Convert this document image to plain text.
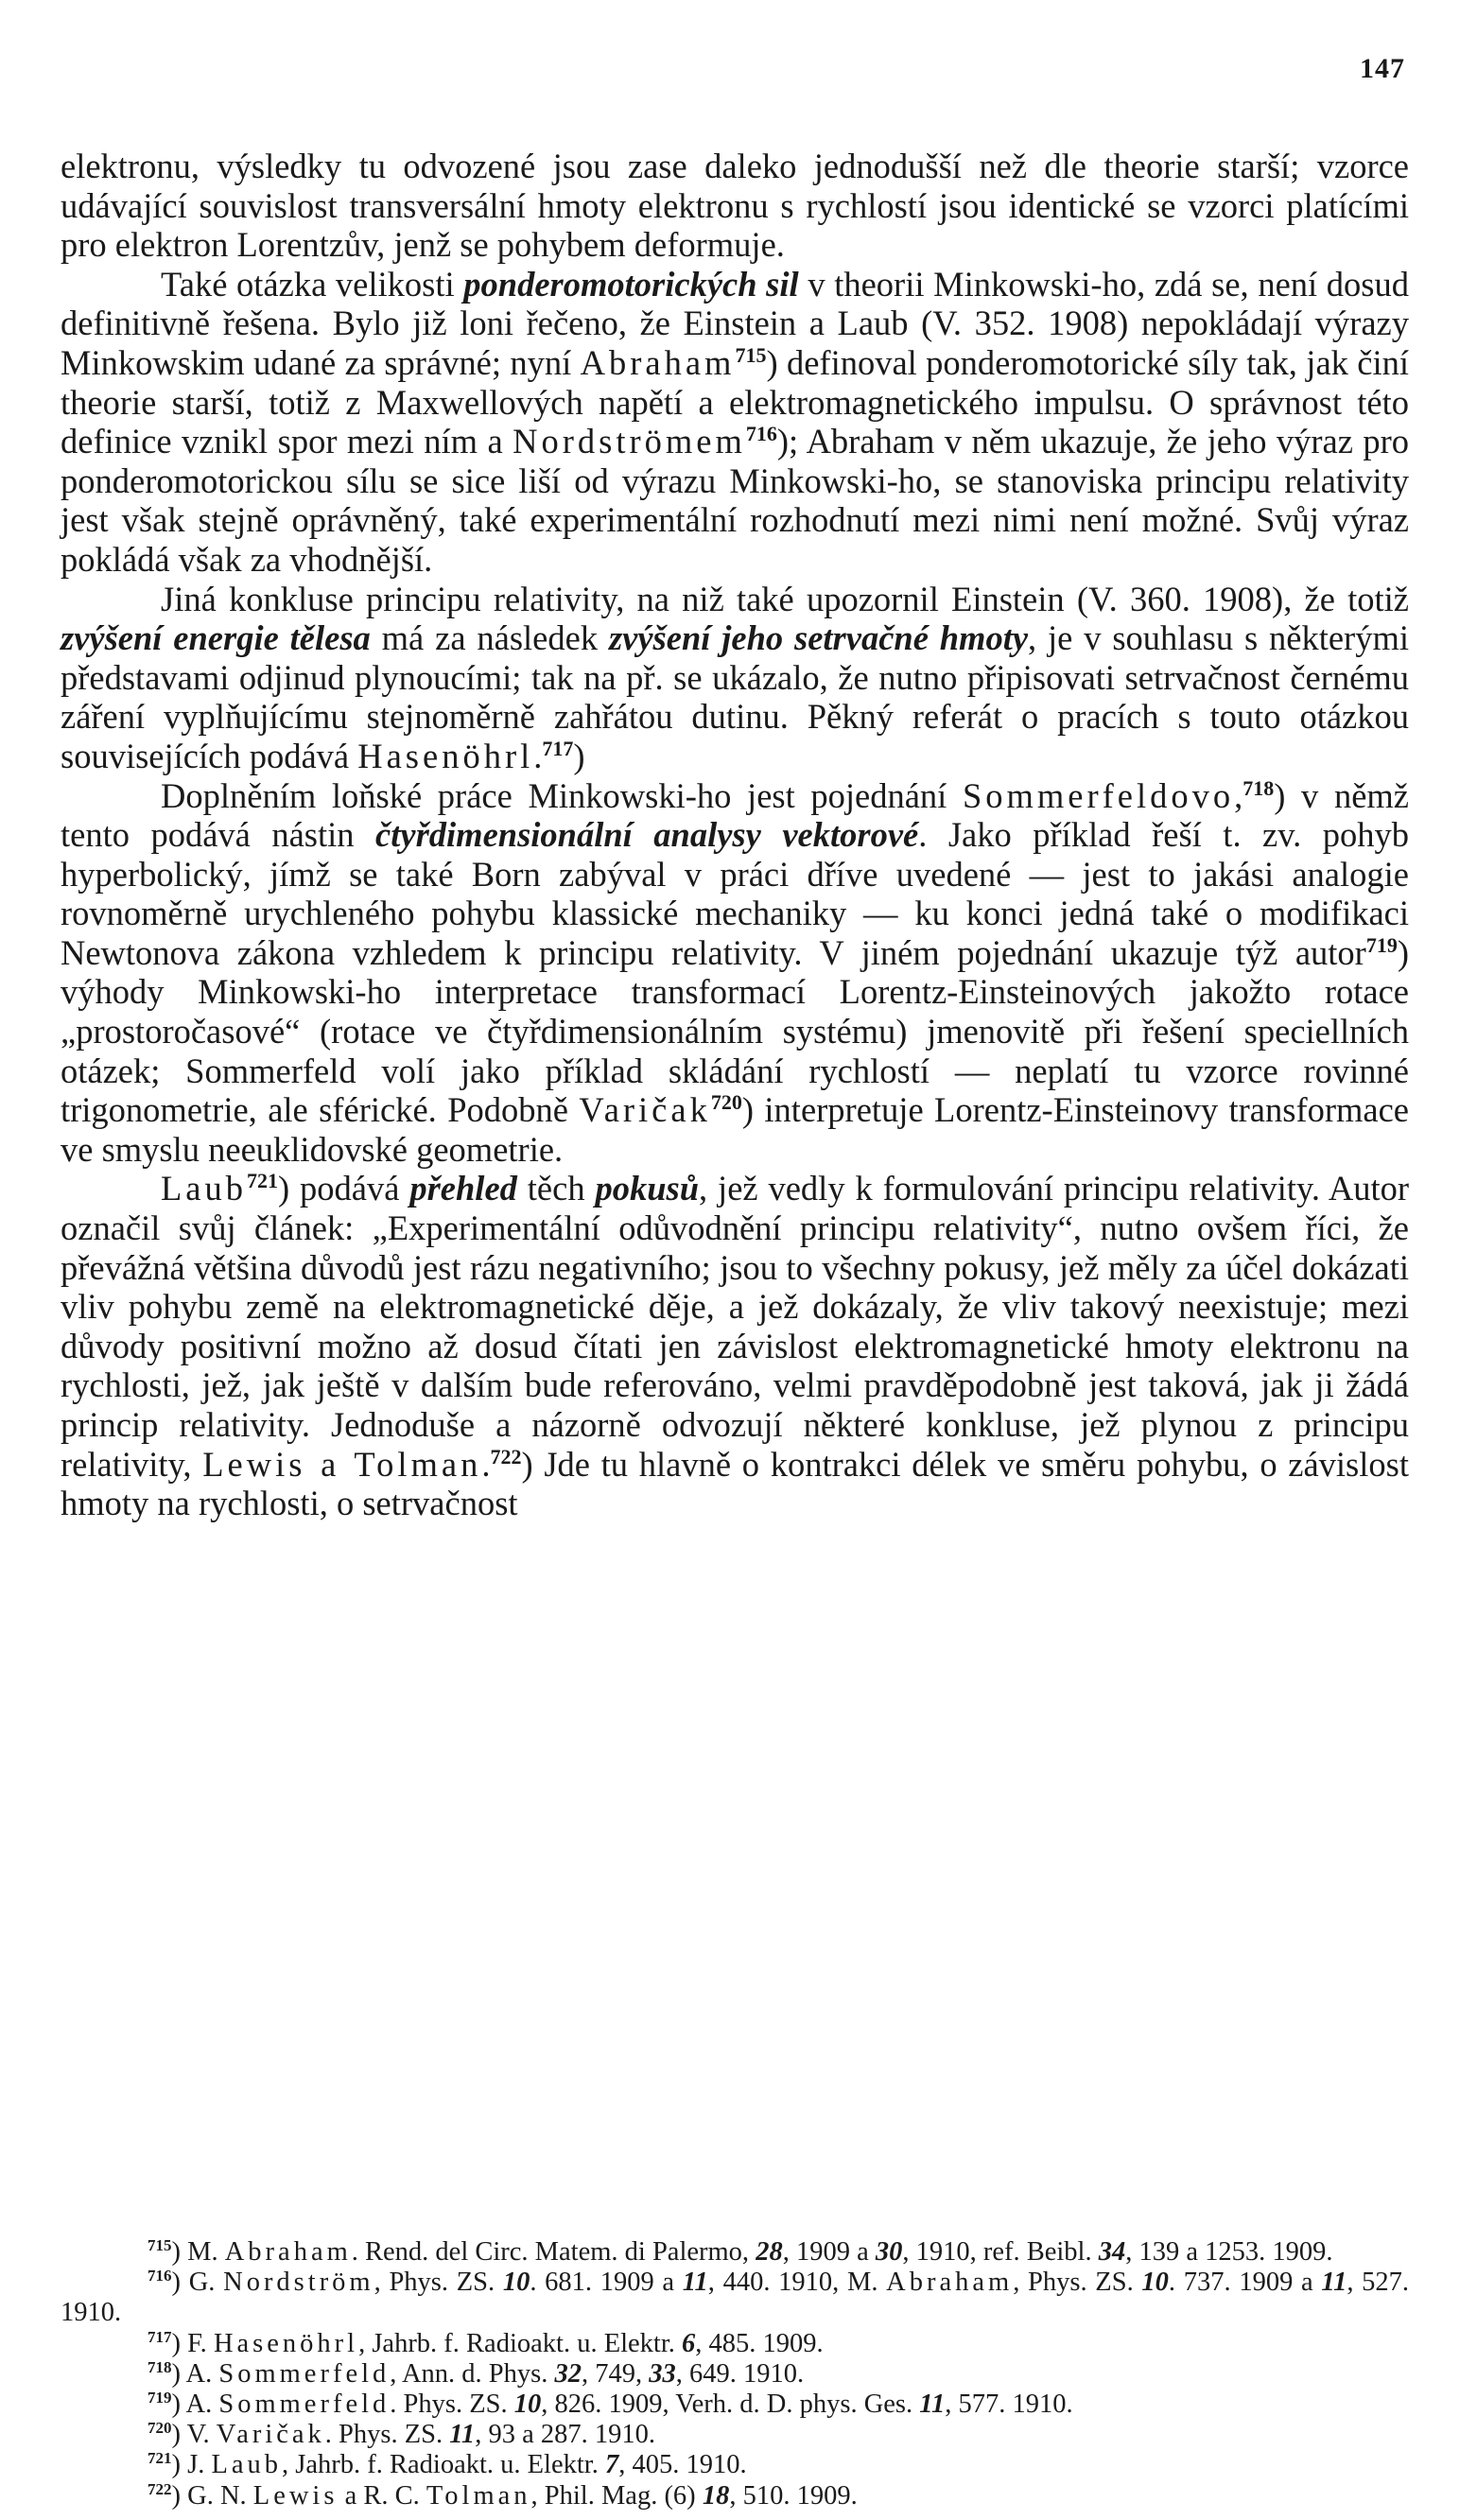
147

elektronu, výsledky tu odvozené jsou zase daleko jednodušší než dle theorie starší; vzorce udávající souvislost transversální hmoty elektronu s rychlostí jsou identické se vzorci platícími pro elektron Lorentzův, jenž se pohybem deformuje.

Také otázka velikosti ponderomotorických sil v theorii Minkowski-ho, zdá se, není dosud definitivně řešena. Bylo již loni řečeno, že Einstein a Laub (V. 352. 1908) nepokládají výrazy Minkowskim udané za správné; nyní Abraham$^{715}$) definoval ponderomotorické síly tak, jak činí theorie starší, totiž z Maxwellových napětí a elektromagnetického impulsu. O správnost této definice vznikl spor mezi ním a Nordströmem$^{716}$); Abraham v něm ukazuje, že jeho výraz pro ponderomotorickou sílu se sice liší od výrazu Minkowski-ho, se stanoviska principu relativity jest však stejně oprávněný, také experimentální rozhodnutí mezi nimi není možné. Svůj výraz pokládá však za vhodnější.

Jiná konkluse principu relativity, na niž také upozornil Einstein (V. 360. 1908), že totiž zvýšení energie tělesa má za následek zvýšení jeho setrvačné hmoty, je v souhlasu s některými představami odjinud plynoucími; tak na př. se ukázalo, že nutno připisovati setrvačnost černému záření vyplňujícímu stejnoměrně zahřátou dutinu. Pěkný referát o pracích s touto otázkou souvisejících podává Hasenöhrl.$^{717}$)

Doplněním loňské práce Minkowski-ho jest pojednání Sommerfeldovo,$^{718}$) v němž tento podává nástin čtyřdimensionální analysy vektorové. Jako příklad řeší t. zv. pohyb hyperbolický, jímž se také Born zabýval v práci dříve uvedené — jest to jakási analogie rovnoměrně urychleného pohybu klassické mechaniky — ku konci jedná také o modifikaci Newtonova zákona vzhledem k principu relativity. V jiném pojednání ukazuje týž autor$^{719}$) výhody Minkowski-ho interpretace transformací Lorentz-Einsteinových jakožto rotace „prostoročasové“ (rotace ve čtyřdimensionálním systému) jmenovitě při řešení speciellních otázek; Sommerfeld volí jako příklad skládání rychlostí — neplatí tu vzorce rovinné trigonometrie, ale sférické. Podobně Varičak$^{720}$) interpretuje Lorentz-Einsteinovy transformace ve smyslu neeuklidovské geometrie.

Laub$^{721}$) podává přehled těch pokusů, jež vedly k formulování principu relativity. Autor označil svůj článek: „Experimentální odůvodnění principu relativity“, nutno ovšem říci, že převážná většina důvodů jest rázu negativního; jsou to všechny pokusy, jež měly za účel dokázati vliv pohybu země na elektromagnetické děje, a jež dokázaly, že vliv takový neexistuje; mezi důvody positivní možno až dosud čítati jen závislost elektromagnetické hmoty elektronu na rychlosti, jež, jak ještě v dalším bude referováno, velmi pravděpodobně jest taková, jak ji žádá princip relativity. Jednoduše a názorně odvozují některé konkluse, jež plynou z principu relativity, Lewis a Tolman.$^{722}$) Jde tu hlavně o kontrakci délek ve směru pohybu, o závislost hmoty na rychlosti, o setrvačnost

$^{715}$) M. Abraham. Rend. del Circ. Matem. di Palermo, 28, 1909 a 30, 1910, ref. Beibl. 34, 139 a 1253. 1909.
$^{716}$) G. Nordström, Phys. ZS. 10. 681. 1909 a 11, 440. 1910, M. Abraham, Phys. ZS. 10. 737. 1909 a 11, 527. 1910.
$^{717}$) F. Hasenöhrl, Jahrb. f. Radioakt. u. Elektr. 6, 485. 1909.
$^{718}$) A. Sommerfeld, Ann. d. Phys. 32, 749, 33, 649. 1910.
$^{719}$) A. Sommerfeld. Phys. ZS. 10, 826. 1909, Verh. d. D. phys. Ges. 11, 577. 1910.
$^{720}$) V. Varičak. Phys. ZS. 11, 93 a 287. 1910.
$^{721}$) J. Laub, Jahrb. f. Radioakt. u. Elektr. 7, 405. 1910.
$^{722}$) G. N. Lewis a R. C. Tolman, Phil. Mag. (6) 18, 510. 1909.
